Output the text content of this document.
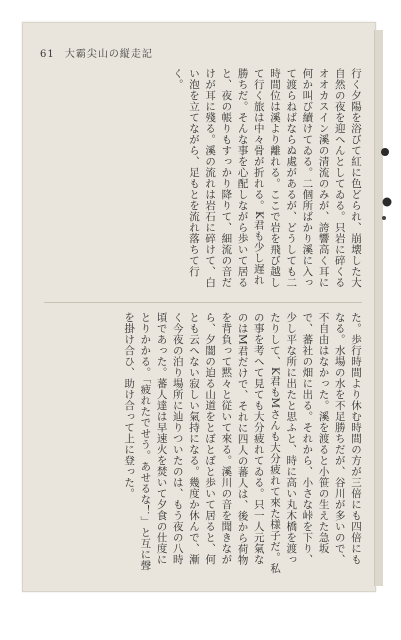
61 大霸尖山の縦走記
行く夕陽を浴びて紅に色どられ、崩壊した大自然の夜を迎へんとしてゐる。只岩に碎くるオオカスイン溪の清流のみが、誇響高く耳に何か叫び續けてゐる。二個所ばかり溪に入って渡らねばならぬ處があるが、どうしても二時間位は溪より離れる。ここで岩を飛び越して行く旅は中々骨が折れる。K君も少し遅れ勝ちだ。そんな事を心配しながら歩いて居ると、夜の帳りもすっかり降りて、細流の音だけが耳に殘る。溪の流れは岩石に碎けて、白い泡を立てながら、足もとを流れ落ちて行く。
た。歩行時間より休む時間の方が三倍にも四倍にもなる。水場の水を不足勝ちだが、谷川が多いので、不自由はなかった。溪を渡ると小笹の生えた急坂で、蕃社の畑に出る。それから、小さな峠を下り、少し平な所に出たと思ふと、時に高い丸木橋を渡ったりして、K君もMさんも大分疲れて來た様子だ。私の事を考へて見ても大分疲れてゐる。只一人元氣なのはM君だけで、それに四人の蕃人は、後から荷物を背負って黙々と従いて來る。溪川の音を聞きながら、夕闇の迫る山道をとぼとぼと歩いて居ると、何とも云へない寂しい氣持になる。幾度か休んで、漸く今夜の泊り場所に辿りついたのは、もう夜の八時頃であった。蕃人達は早速火を焚いて夕食の仕度にとりかかる。「疲れたでせう。あせるな！」と互に聲を掛け合ひ、助け合って上に登った。
